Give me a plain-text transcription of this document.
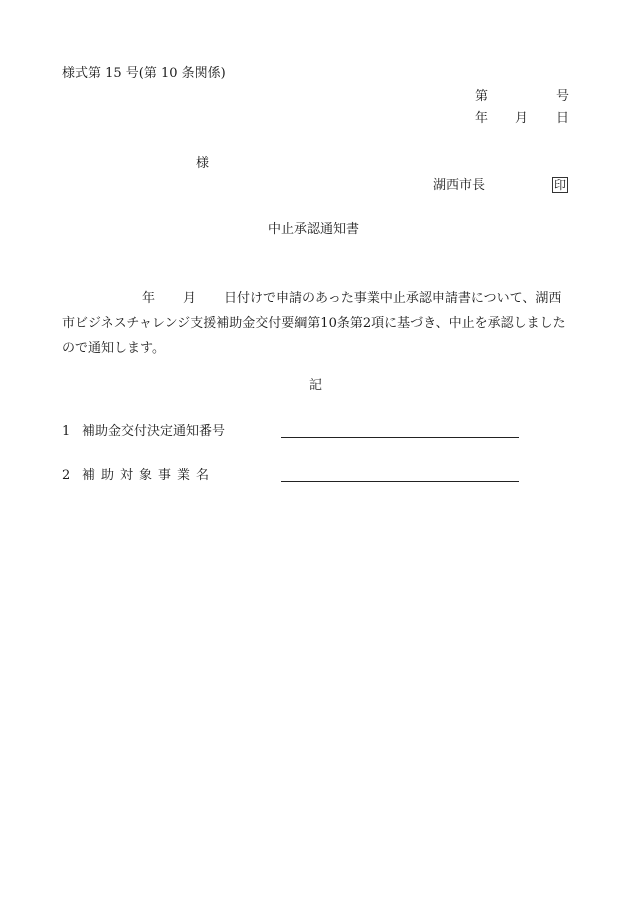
様式第 15 号(第 10 条関係)
第	号
年 月 日
様
湖西市長	印
中止承認通知書
年 月 日付けで申請のあった事業中止承認申請書について、湖西市ビジネスチャレンジ支援補助金交付要綱第10条第2項に基づき、中止を承認しましたので通知します。
記
1 補助金交付決定通知番号
2 補助対象事業名
